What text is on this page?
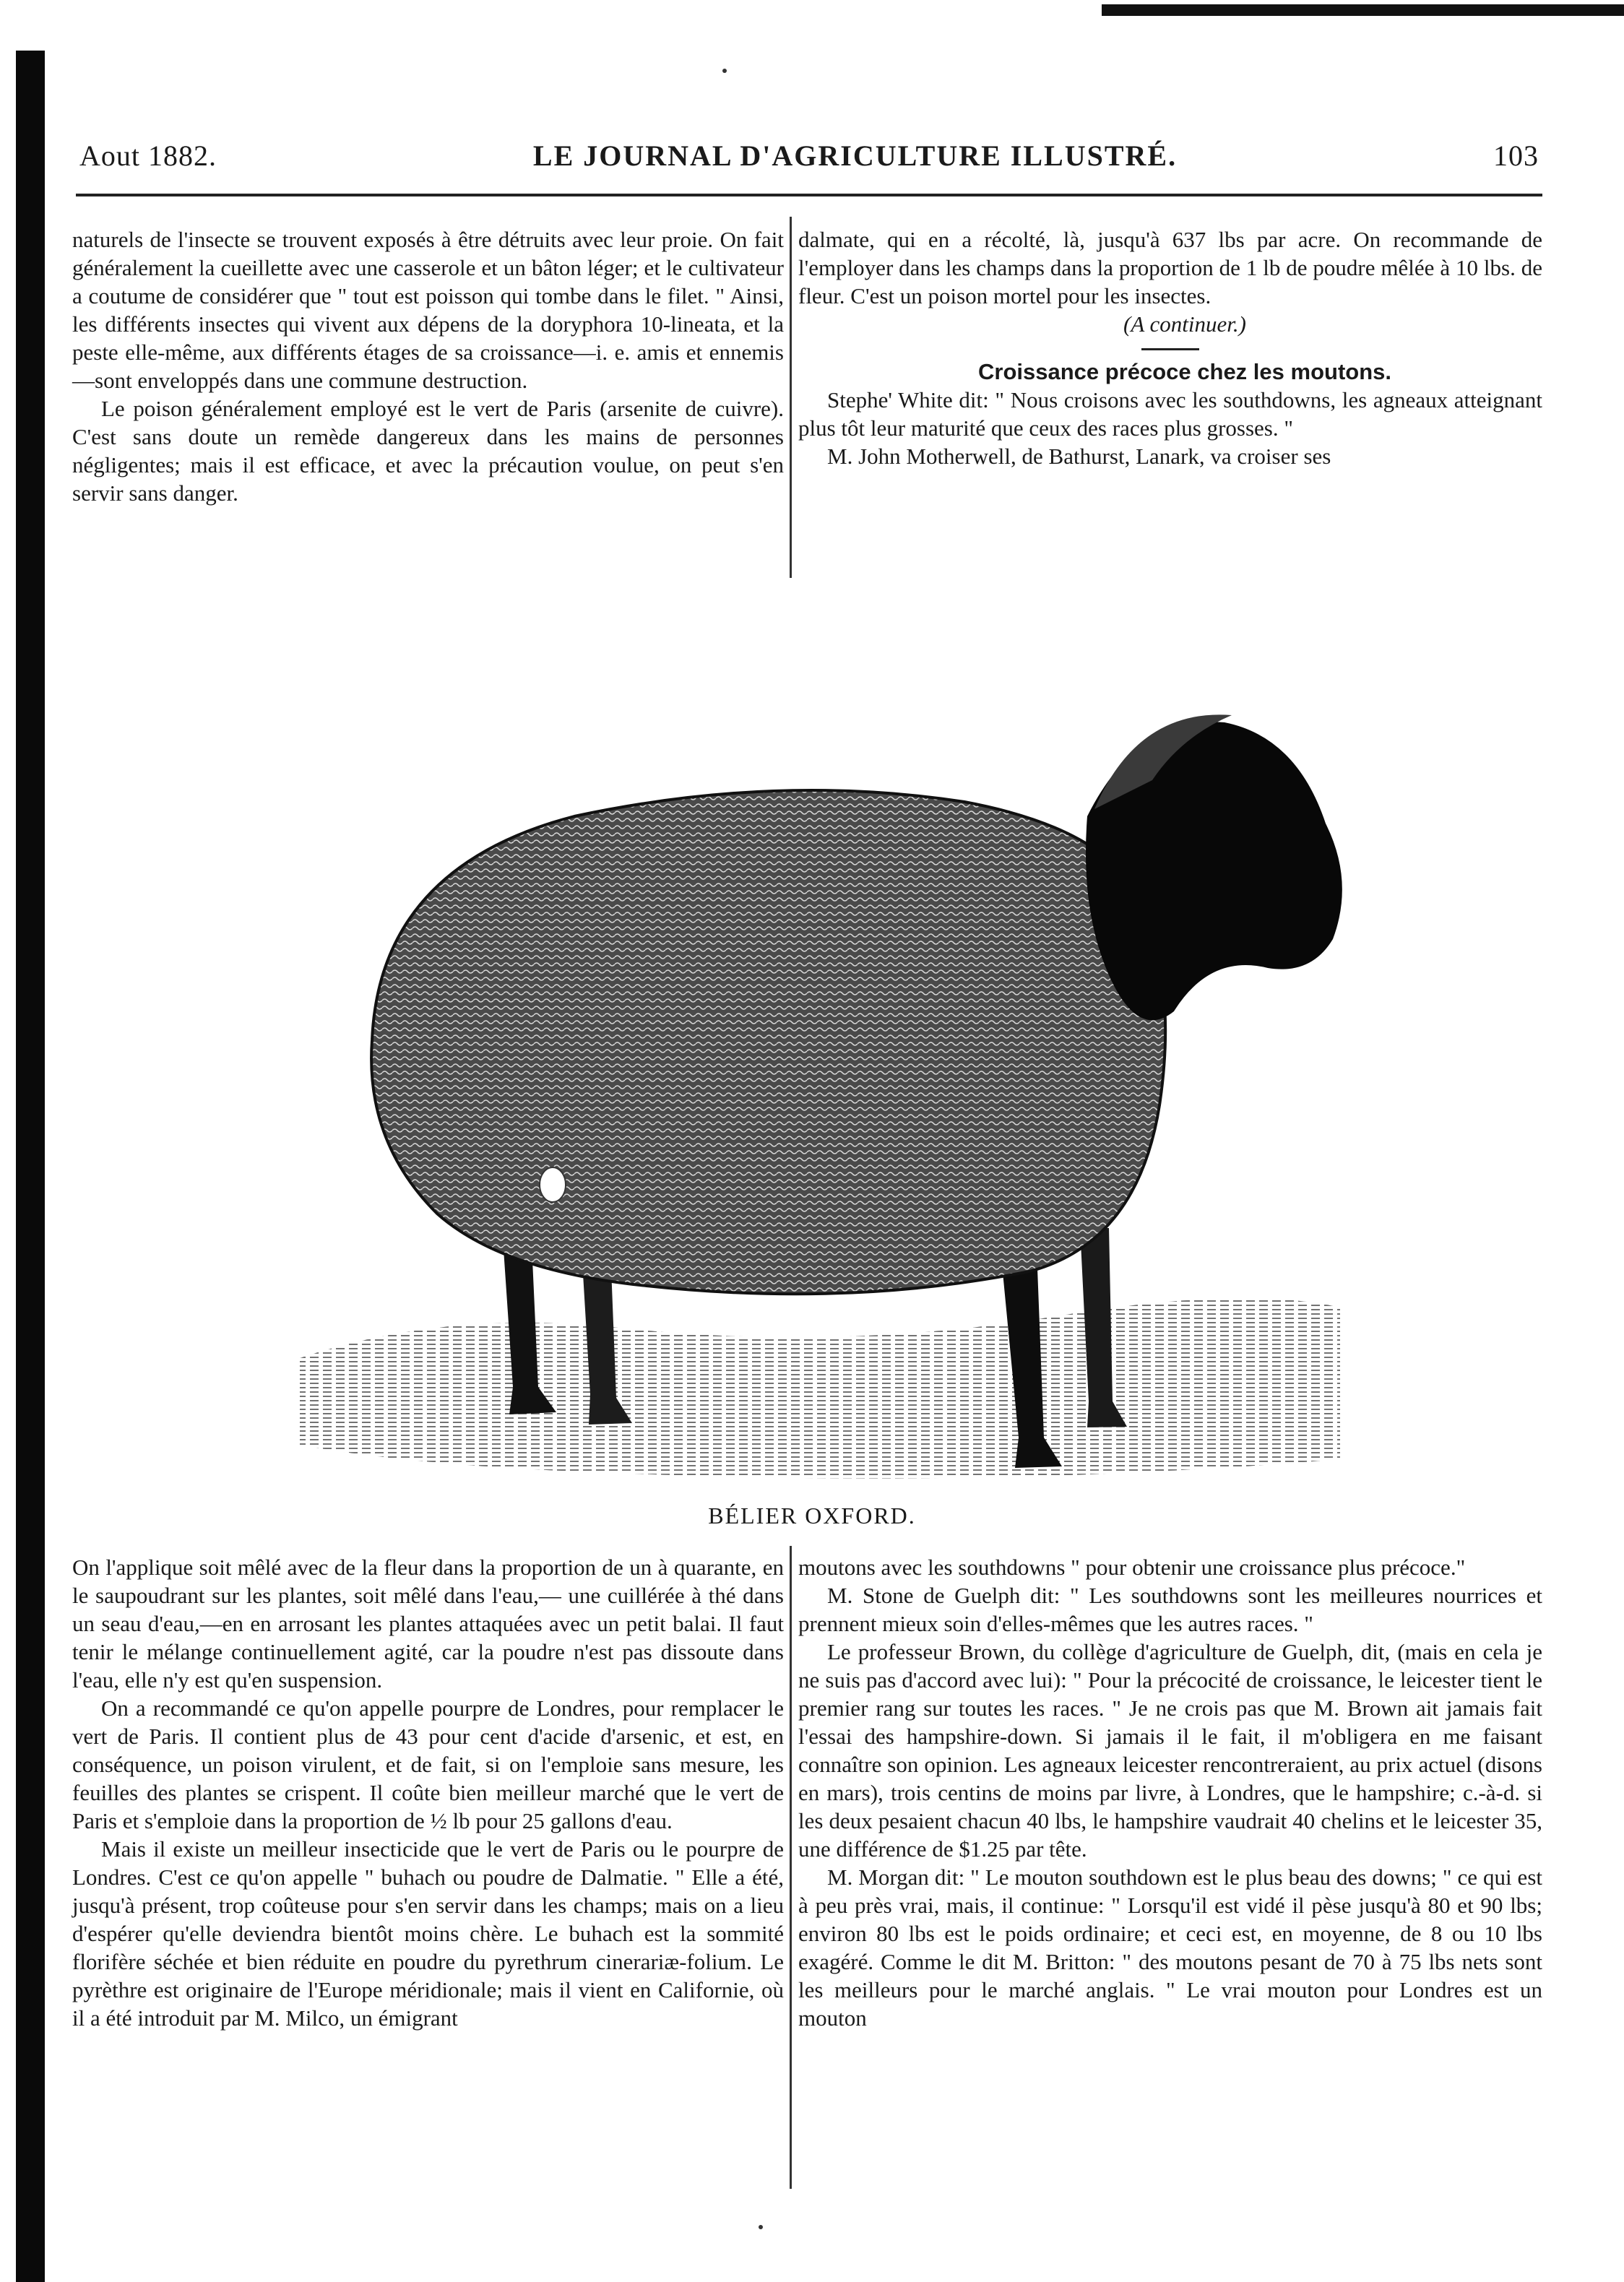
Aout 1882.	LE JOURNAL D'AGRICULTURE ILLUSTRÉ.	103

naturels de l'insecte se trouvent exposés à être détruits avec leur proie. On fait généralement la cueillette avec une casserole et un bâton léger; et le cultivateur a coutume de considérer que " tout est poisson qui tombe dans le filet. " Ainsi, les différents insectes qui vivent aux dépens de la doryphora 10-lineata, et la peste elle-même, aux différents étages de sa croissance—i. e. amis et ennemis—sont enveloppés dans une commune destruction.

Le poison généralement employé est le vert de Paris (arsenite de cuivre). C'est sans doute un remède dangereux dans les mains de personnes négligentes; mais il est efficace, et avec la précaution voulue, on peut s'en servir sans danger.

dalmate, qui en a récolté, là, jusqu'à 637 lbs par acre. On recommande de l'employer dans les champs dans la proportion de 1 lb de poudre mêlée à 10 lbs. de fleur. C'est un poison mortel pour les insectes.

(A continuer.)

Croissance précoce chez les moutons.

Stephe' White dit: " Nous croisons avec les southdowns, les agneaux atteignant plus tôt leur maturité que ceux des races plus grosses. "

M. John Motherwell, de Bathurst, Lanark, va croiser ses

BÉLIER OXFORD.

On l'applique soit mêlé avec de la fleur dans la proportion de un à quarante, en le saupoudrant sur les plantes, soit mêlé dans l'eau,— une cuillérée à thé dans un seau d'eau,—en en arrosant les plantes attaquées avec un petit balai. Il faut tenir le mélange continuellement agité, car la poudre n'est pas dissoute dans l'eau, elle n'y est qu'en suspension.

On a recommandé ce qu'on appelle pourpre de Londres, pour remplacer le vert de Paris. Il contient plus de 43 pour cent d'acide d'arsenic, et est, en conséquence, un poison virulent, et de fait, si on l'emploie sans mesure, les feuilles des plantes se crispent. Il coûte bien meilleur marché que le vert de Paris et s'emploie dans la proportion de ½ lb pour 25 gallons d'eau.

Mais il existe un meilleur insecticide que le vert de Paris ou le pourpre de Londres. C'est ce qu'on appelle " buhach ou poudre de Dalmatie. " Elle a été, jusqu'à présent, trop coûteuse pour s'en servir dans les champs; mais on a lieu d'espérer qu'elle deviendra bientôt moins chère. Le buhach est la sommité florifère séchée et bien réduite en poudre du pyrethrum cinerariæ-folium. Le pyrèthre est originaire de l'Europe méridionale; mais il vient en Californie, où il a été introduit par M. Milco, un émigrant

moutons avec les southdowns " pour obtenir une croissance plus précoce."

M. Stone de Guelph dit: " Les southdowns sont les meilleures nourrices et prennent mieux soin d'elles-mêmes que les autres races. "

Le professeur Brown, du collège d'agriculture de Guelph, dit, (mais en cela je ne suis pas d'accord avec lui): " Pour la précocité de croissance, le leicester tient le premier rang sur toutes les races. " Je ne crois pas que M. Brown ait jamais fait l'essai des hampshire-down. Si jamais il le fait, il m'obligera en me faisant connaître son opinion. Les agneaux leicester rencontreraient, au prix actuel (disons en mars), trois centins de moins par livre, à Londres, que le hampshire; c.-à-d. si les deux pesaient chacun 40 lbs, le hampshire vaudrait 40 chelins et le leicester 35, une différence de $1.25 par tête.

M. Morgan dit: " Le mouton southdown est le plus beau des downs; " ce qui est à peu près vrai, mais, il continue: " Lorsqu'il est vidé il pèse jusqu'à 80 et 90 lbs; environ 80 lbs est le poids ordinaire; et ceci est, en moyenne, de 8 ou 10 lbs exagéré. Comme le dit M. Britton: " des moutons pesant de 70 à 75 lbs nets sont les meilleurs pour le marché anglais. " Le vrai mouton pour Londres est un mouton
